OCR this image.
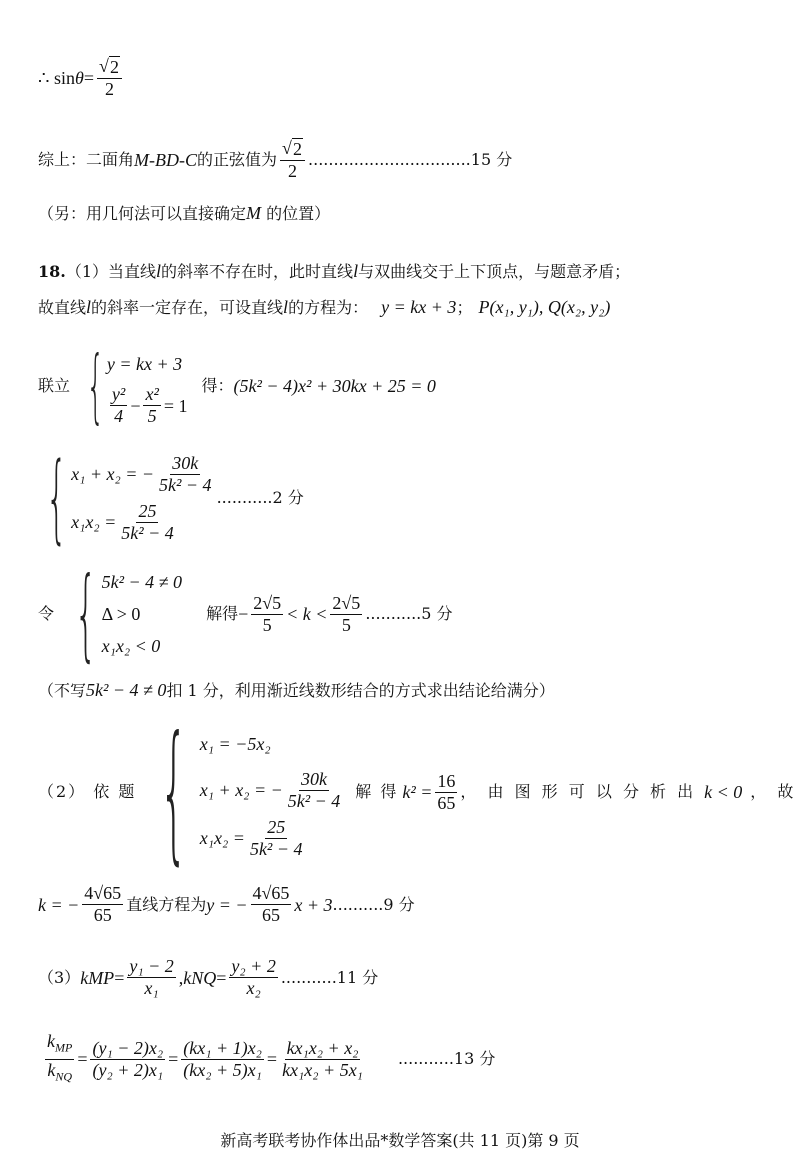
∴ $\sin \theta = \frac{√ 2}{2}$
综上：二面角 M-BD-C 的正弦值为 $\frac{√ 2}{2}$ ................................ 15 分
（另：用几何法可以直接确定M 的位置）
18.（1）当直线l的斜率不存在时，此时直线l与双曲线交于上下顶点，与题意矛盾；
故直线l的斜率一定存在，可设直线l的方程为： y = kx + 3； P(x₁, y₁), Q(x₂, y₂)
联立 { y = kx + 3
$\frac{\text{y²}}{4} - \frac{\text{x²}}{5} = 1$
得： (5k² − 4)x² + 30kx + 25 = 0
{ x₁ + x₂ = − $\frac{30k}{\text{5k² − 4}}$
$x_1x_2 = \frac{25}{\text{5k² − 4}}$
........... 2 分
令 { 5k² − 4 ≠ 0
Δ > 0
x₁x₂ < 0
解得 − $\frac{2√5}{5} < k < \frac{2√5}{5}$ ........... 5 分
（不写5k² − 4 ≠ 0扣 1 分，利用渐近线数形结合的方式求出结论给满分）
（2） 依 题 { x₁ = −5x₂
x₁ + x₂ = − $\frac{30k}{\text{5k² − 4}}$
$x_1x_2 = \frac{25}{\text{5k² − 4}}$
解 得 $k^2 = \frac{16}{65}$ ， 由 图 形 可 以 分 析 出 k < 0 ， 故
k = − $\frac{4√65}{65}$ 直线方程为 y = − $\frac{4√65}{65}$ x + 3 .......... 9 分
（3） k MP = $\frac{\text{y₁ − 2}}{\text{x₁}}$ , k NQ = $\frac{\text{y₂ + 2}}{\text{x₂}}$ ........... 11 分
$\frac{k_{MP}}{k_{NQ}} = \frac{\text{(y₁ − 2)x₂}}{\text{(y₂ + 2)x₁}} = \frac{\text{(kx₁ + 1)x₂}}{\text{(kx₂ + 5)x₁}} = \frac{\text{kx₁x₂ + x₂}}{\text{kx₁x₂ + 5x₁}}$ ........... 13 分
新高考联考协作体出品*数学答案(共 11 页)第 9 页
